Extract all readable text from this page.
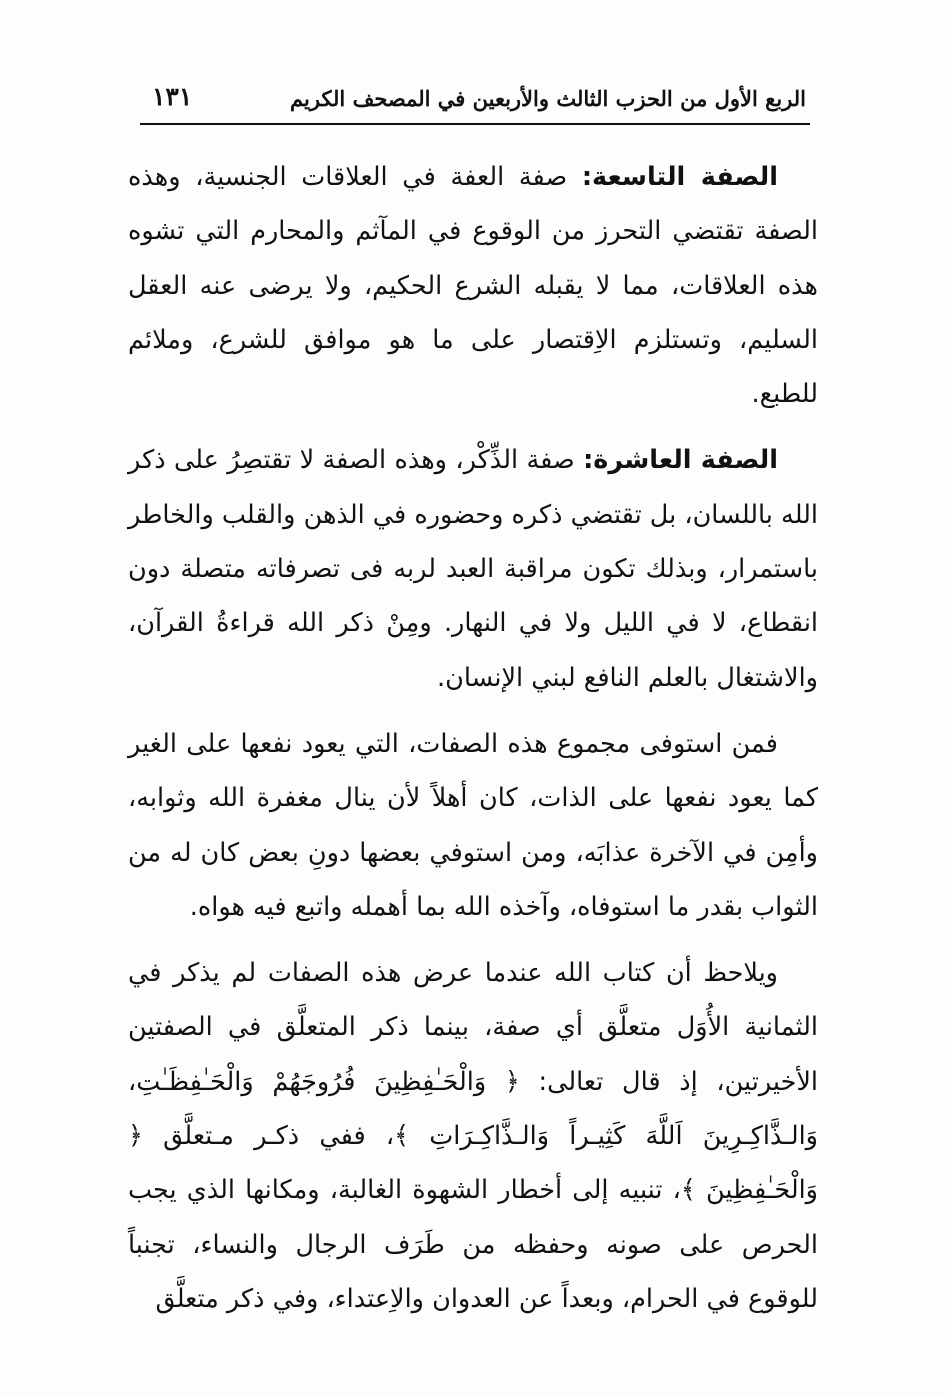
الربع الأول من الحزب الثالث والأربعين في المصحف الكريم
١٣١

الصفة التاسعة: صفة العفة في العلاقات الجنسية، وهذه الصفة تقتضي التحرز من الوقوع في المآثم والمحارم التي تشوه هذه العلاقات، مما لا يقبله الشرع الحكيم، ولا يرضى عنه العقل السليم، وتستلزم الاِقتصار على ما هو موافق للشرع، وملائم للطبع.

الصفة العاشرة: صفة الذِّكْر، وهذه الصفة لا تقتصِرُ على ذكر الله باللسان، بل تقتضي ذكره وحضوره في الذهن والقلب والخاطر باستمرار، وبذلك تكون مراقبة العبد لربه فى تصرفاته متصلة دون انقطاع، لا في الليل ولا في النهار. ومِنْ ذكر الله قراءةُ القرآن، والاشتغال بالعلم النافع لبني الإنسان.

فمن استوفى مجموع هذه الصفات، التي يعود نفعها على الغير كما يعود نفعها على الذات، كان أهلاً لأن ينال مغفرة الله وثوابه، وأمِن في الآخرة عذابَه، ومن استوفي بعضها دونِ بعض كان له من الثواب بقدر ما استوفاه، وآخذه الله بما أهمله واتبع فيه هواه.

ويلاحظ أن كتاب الله عندما عرض هذه الصفات لم يذكر في الثمانية الأُوَل متعلَّق أي صفة، بينما ذكر المتعلَّق في الصفتين الأخيرتين، إذ قال تعالى: ﴿ وَالْحَـٰفِظِينَ فُرُوجَهُمْ وَالْحَـٰفِظَـٰتِ، وَالـذَّاكِـرِينَ اَللَّهَ كَثِيـراً وَالـذَّاكِـرَاتِ ﴾، ففي ذكـر مـتعلَّق ﴿ وَالْحَـٰفِظِينَ ﴾، تنبيه إلى أخطار الشهوة الغالبة، ومكانها الذي يجب الحرص على صونه وحفظه من طَرَف الرجال والنساء، تجنباً للوقوع في الحرام، وبعداً عن العدوان والاِعتداء، وفي ذكر متعلَّق
